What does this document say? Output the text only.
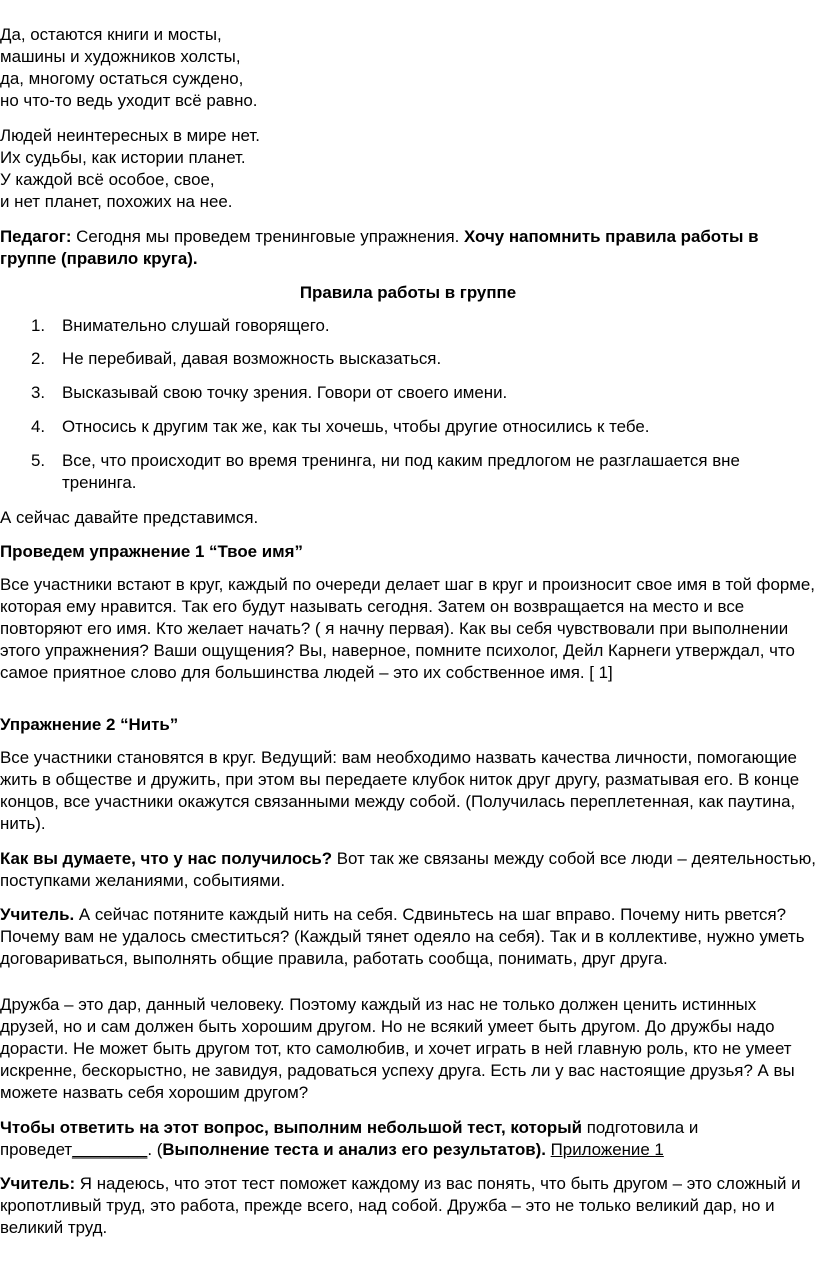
Да, остаются книги и мосты,
машины и художников холсты,
да, многому остаться суждено,
но что-то ведь уходит всё равно.
Людей неинтересных в мире нет.
Их судьбы, как истории планет.
У каждой всё особое, свое,
и нет планет, похожих на нее.

Педагог: Сегодня мы проведем тренинговые упражнения. Хочу напомнить правила работы в группе (правило круга).

Правила работы в группе
1. Внимательно слушай говорящего.
2. Не перебивай, давая возможность высказаться.
3. Высказывай свою точку зрения. Говори от своего имени.
4. Относись к другим так же, как ты хочешь, чтобы другие относились к тебе.
5. Все, что происходит во время тренинга, ни под каким предлогом не разглашается вне тренинга.
А сейчас давайте представимся.
Проведем упражнение 1 “Твое имя”

Все участники встают в круг, каждый по очереди делает шаг в круг и произносит свое имя в той форме, которая ему нравится. Так его будут называть сегодня. Затем он возвращается на место и все повторяют его имя. Кто желает начать? ( я начну первая). Как вы себя чувствовали при выполнении этого упражнения? Ваши ощущения? Вы, наверное, помните психолог, Дейл Карнеги утверждал, что самое приятное слово для большинства людей – это их собственное имя. [ 1]

Упражнение 2 “Нить”

Все участники становятся в круг. Ведущий: вам необходимо назвать качества личности, помогающие жить в обществе и дружить, при этом вы передаете клубок ниток друг другу, разматывая его. В конце концов, все участники окажутся связанными между собой. (Получилась переплетенная, как паутина, нить).

Как вы думаете, что у нас получилось? Вот так же связаны между собой все люди – деятельностью, поступками желаниями, событиями.

Учитель. А сейчас потяните каждый нить на себя. Сдвиньтесь на шаг вправо. Почему нить рвется? Почему вам не удалось сместиться? (Каждый тянет одеяло на себя). Так и в коллективе, нужно уметь договариваться, выполнять общие правила, работать сообща, понимать, друг друга.

Дружба – это дар, данный человеку. Поэтому каждый из нас не только должен ценить истинных друзей, но и сам должен быть хорошим другом. Но не всякий умеет быть другом. До дружбы надо дорасти. Не может быть другом тот, кто самолюбив, и хочет играть в ней главную роль, кто не умеет искренне, бескорыстно, не завидуя, радоваться успеху друга. Есть ли у вас настоящие друзья? А вы можете назвать себя хорошим другом?

Чтобы ответить на этот вопрос, выполним небольшой тест, который подготовила и проведет________. (Выполнение теста и анализ его результатов). Приложение 1

Учитель: Я надеюсь, что этот тест поможет каждому из вас понять, что быть другом – это сложный и кропотливый труд, это работа, прежде всего, над собой. Дружба – это не только великий дар, но и великий труд.
